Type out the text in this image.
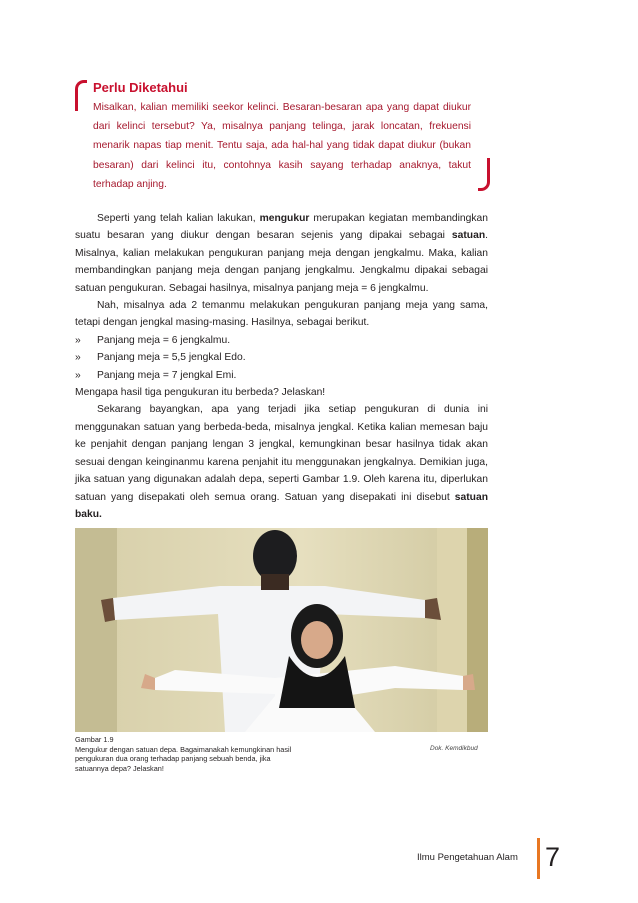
Perlu Diketahui
Misalkan, kalian memiliki seekor kelinci. Besaran-besaran apa yang dapat diukur dari kelinci tersebut? Ya, misalnya panjang telinga, jarak loncatan, frekuensi menarik napas tiap menit. Tentu saja, ada hal-hal yang tidak dapat diukur (bukan besaran) dari kelinci itu, contohnya kasih sayang terhadap anaknya, takut terhadap anjing.

Seperti yang telah kalian lakukan, mengukur merupakan kegiatan membandingkan suatu besaran yang diukur dengan besaran sejenis yang dipakai sebagai satuan. Misalnya, kalian melakukan pengukuran panjang meja dengan jengkalmu. Maka, kalian membandingkan panjang meja dengan panjang jengkalmu. Jengkalmu dipakai sebagai satuan pengukuran. Sebagai hasilnya, misalnya panjang meja = 6 jengkalmu.

Nah, misalnya ada 2 temanmu melakukan pengukuran panjang meja yang sama, tetapi dengan jengkal masing-masing. Hasilnya, sebagai berikut.

»	Panjang meja = 6 jengkalmu.
»	Panjang meja = 5,5 jengkal Edo.
»	Panjang meja = 7 jengkal Emi.

Mengapa hasil tiga pengukuran itu berbeda? Jelaskan!

Sekarang bayangkan, apa yang terjadi jika setiap pengukuran di dunia ini menggunakan satuan yang berbeda-beda, misalnya jengkal. Ketika kalian memesan baju ke penjahit dengan panjang lengan 3 jengkal, kemungkinan besar hasilnya tidak akan sesuai dengan keinginanmu karena penjahit itu menggunakan jengkalnya. Demikian juga, jika satuan yang digunakan adalah depa, seperti Gambar 1.9. Oleh karena itu, diperlukan satuan yang disepakati oleh semua orang. Satuan yang disepakati ini disebut satuan baku.

Gambar 1.9
Mengukur dengan satuan depa. Bagaimanakah kemungkinan hasil pengukuran dua orang terhadap panjang sebuah benda, jika satuannya depa? Jelaskan!
Dok. Kemdikbud
Ilmu Pengetahuan Alam 7
